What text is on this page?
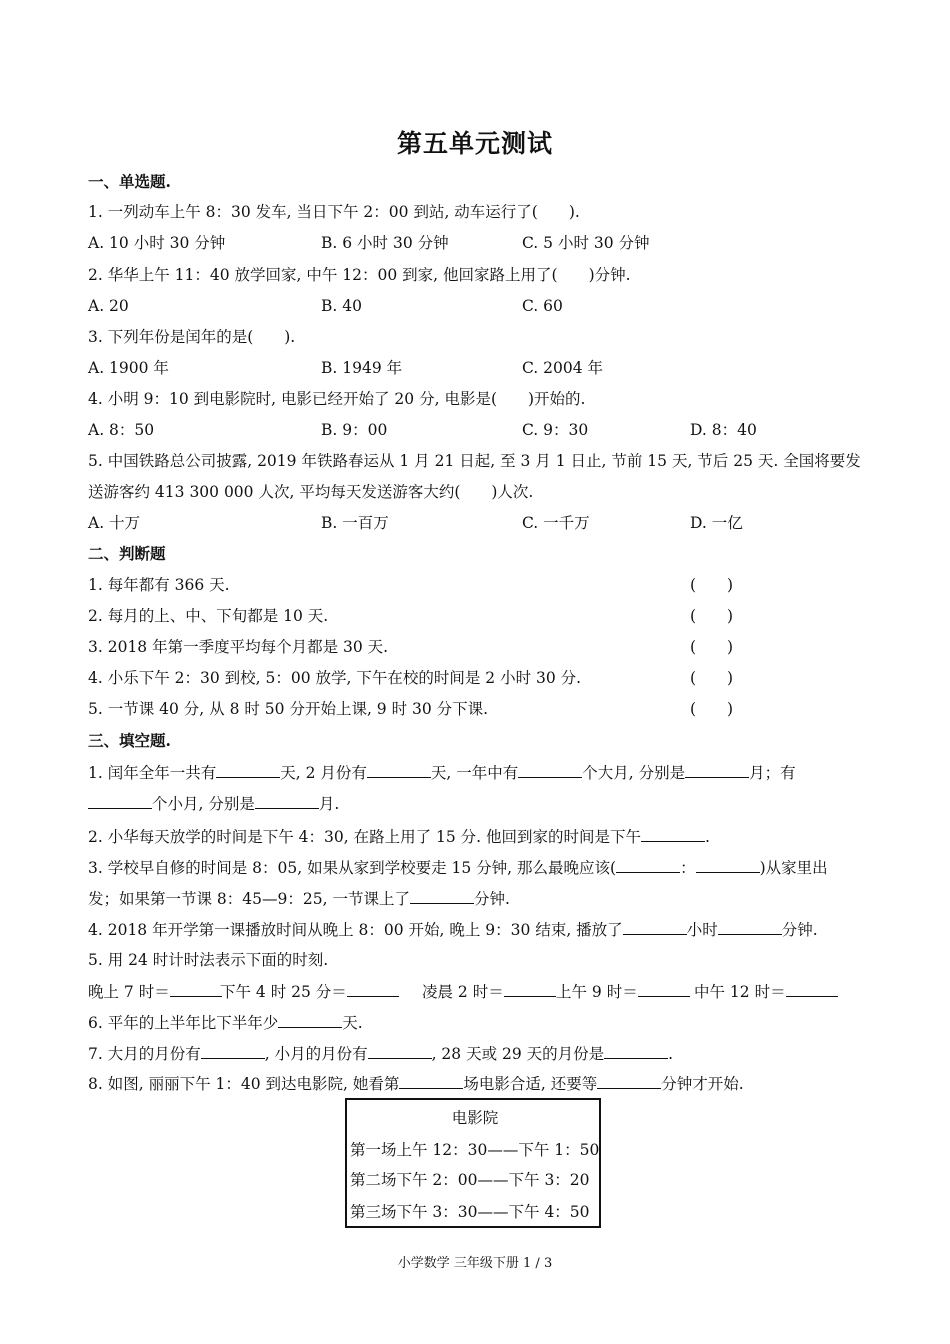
第五单元测试
一、单选题.
1. 一列动车上午 8：30 发车, 当日下午 2：00 到站, 动车运行了(　　).
A. 10 小时 30 分钟	B. 6 小时 30 分钟	C. 5 小时 30 分钟
2. 华华上午 11：40 放学回家, 中午 12：00 到家, 他回家路上用了(　　)分钟.
A. 20	B. 40	C. 60
3. 下列年份是闰年的是(　　).
A. 1900 年	B. 1949 年	C. 2004 年
4. 小明 9：10 到电影院时, 电影已经开始了 20 分, 电影是(　　)开始的.
A. 8：50	B. 9：00	C. 9：30	D. 8：40
5. 中国铁路总公司披露, 2019 年铁路春运从 1 月 21 日起, 至 3 月 1 日止, 节前 15 天, 节后 25 天. 全国将要发
送游客约 413 300 000 人次, 平均每天发送游客大约(　　)人次.
A. 十万	B. 一百万	C. 一千万	D. 一亿
二、判断题
1. 每年都有 366 天.	(　　)
2. 每月的上、中、下旬都是 10 天.	(　　)
3. 2018 年第一季度平均每个月都是 30 天.	(　　)
4. 小乐下午 2：30 到校, 5：00 放学, 下午在校的时间是 2 小时 30 分.	(　　)
5. 一节课 40 分, 从 8 时 50 分开始上课, 9 时 30 分下课.	(　　)
三、填空题.
1. 闰年全年一共有	天, 2 月份有	天, 一年中有	个大月, 分别是	月；有
个小月, 分别是	月.
2. 小华每天放学的时间是下午 4：30, 在路上用了 15 分. 他回到家的时间是下午	.
3. 学校早自修的时间是 8：05, 如果从家到学校要走 15 分钟, 那么最晚应该(	：	)从家里出
发；如果第一节课 8：45—9：25, 一节课上了	分钟.
4. 2018 年开学第一课播放时间从晚上 8：00 开始, 晚上 9：30 结束, 播放了	小时	分钟.
5. 用 24 时计时法表示下面的时刻.
晚上 7 时＝	下午 4 时 25 分＝	凌晨 2 时＝	上午 9 时＝	中午 12 时＝
6. 平年的上半年比下半年少	天.
7. 大月的月份有	, 小月的月份有	, 28 天或 29 天的月份是	.
8. 如图, 丽丽下午 1：40 到达电影院, 她看第	场电影合适, 还要等	分钟才开始.
电影院
第一场上午 12：30——下午 1：50
第二场下午 2：00——下午 3：20
第三场下午 3：30——下午 4：50
小学数学 三年级下册 1 / 3
